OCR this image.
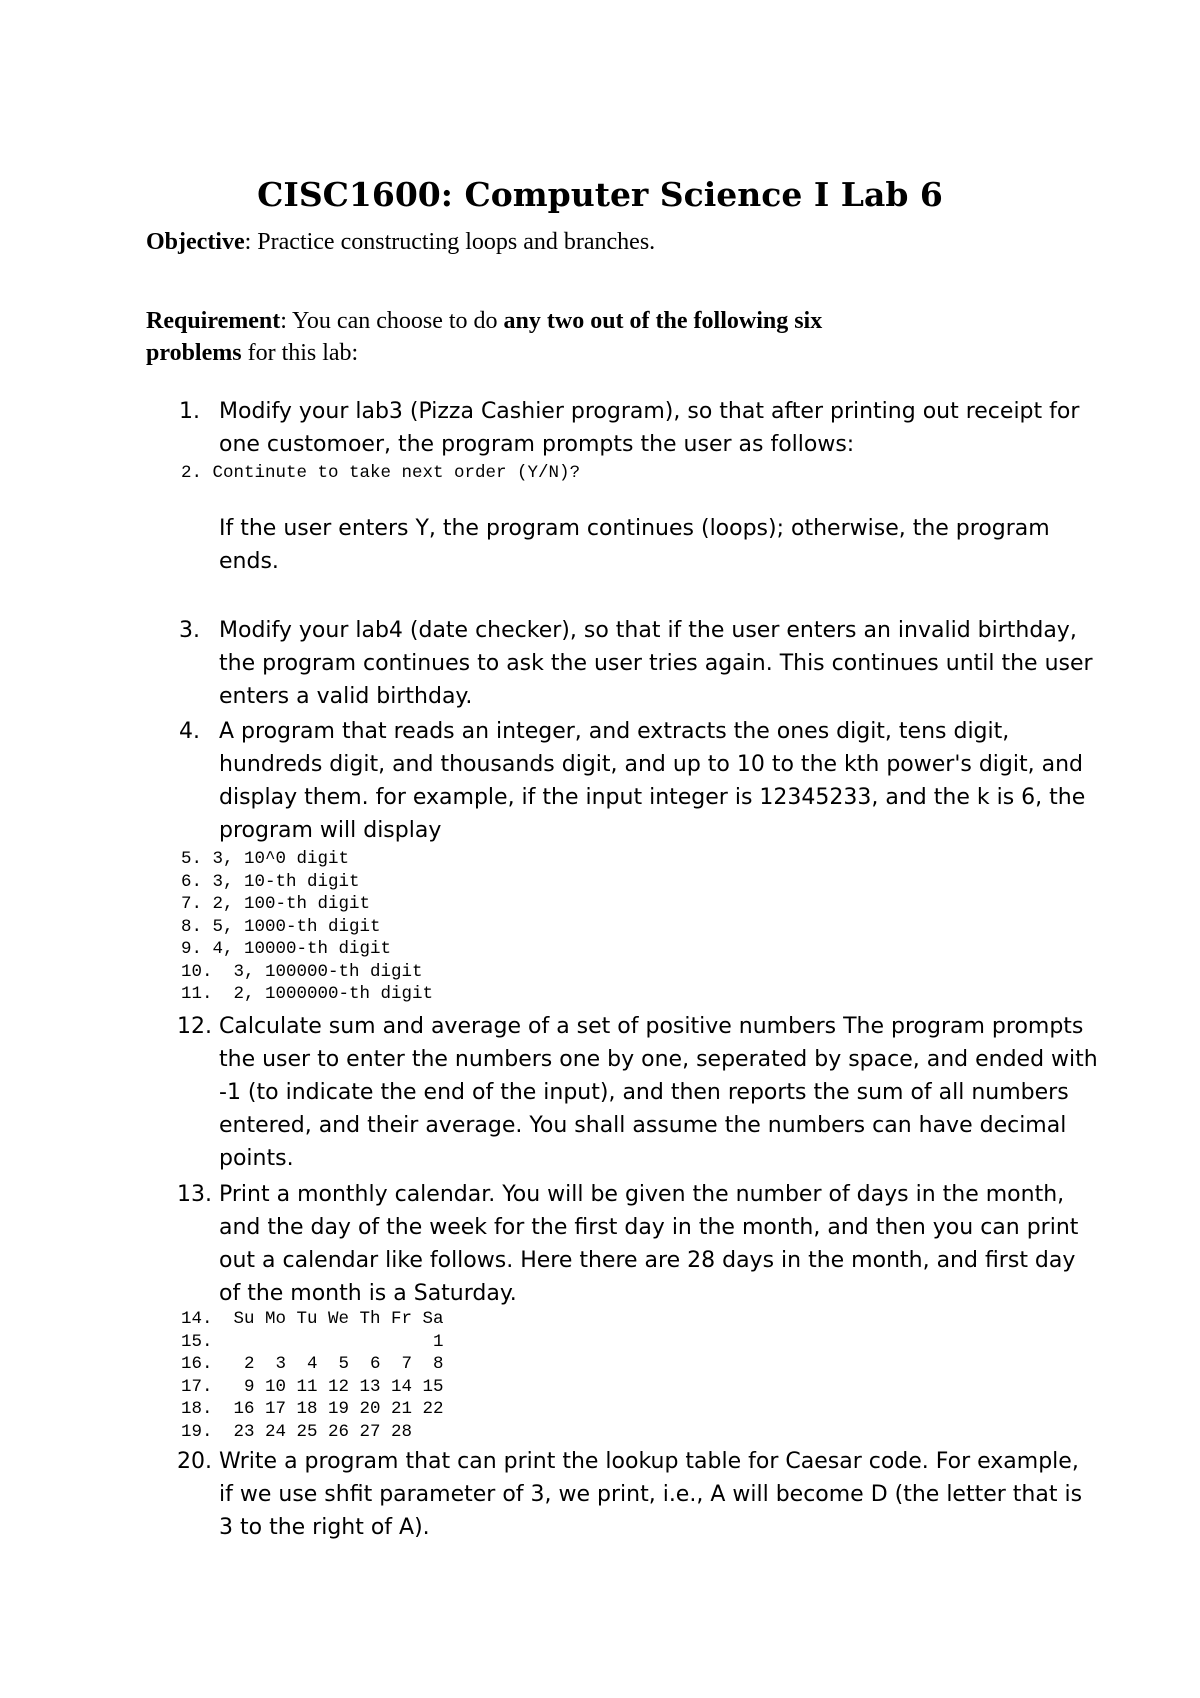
CISC1600: Computer Science I Lab 6

Objective: Practice constructing loops and branches.

Requirement: You can choose to do any two out of the following six
problems for this lab:

1. Modify your lab3 (Pizza Cashier program), so that after printing out receipt for one customoer, the program prompts the user as follows:

2. Continute to take next order (Y/N)?

If the user enters Y, the program continues (loops); otherwise, the program ends.

3. Modify your lab4 (date checker), so that if the user enters an invalid birthday, the program continues to ask the user tries again. This continues until the user enters a valid birthday.

4. A program that reads an integer, and extracts the ones digit, tens digit, hundreds digit, and thousands digit, and up to 10 to the kth power's digit, and display them. for example, if the input integer is 12345233, and the k is 6, the program will display

5. 3, 10^0 digit
6. 3, 10-th digit
7. 2, 100-th digit
8. 5, 1000-th digit
9. 4, 10000-th digit
10.  3, 100000-th digit
11.  2, 1000000-th digit
12. Calculate sum and average of a set of positive numbers The program prompts the user to enter the numbers one by one, seperated by space, and ended with -1 (to indicate the end of the input), and then reports the sum of all numbers entered, and their average. You shall assume the numbers can have decimal points.

13. Print a monthly calendar. You will be given the number of days in the month, and the day of the week for the first day in the month, and then you can print out a calendar like follows. Here there are 28 days in the month, and first day of the month is a Saturday.

14.  Su Mo Tu We Th Fr Sa
15.                     1
16.   2  3  4  5  6  7  8
17.   9 10 11 12 13 14 15
18.  16 17 18 19 20 21 22
19.  23 24 25 26 27 28
20. Write a program that can print the lookup table for Caesar code. For example, if we use shfit parameter of 3, we print, i.e., A will become D (the letter that is 3 to the right of A).
